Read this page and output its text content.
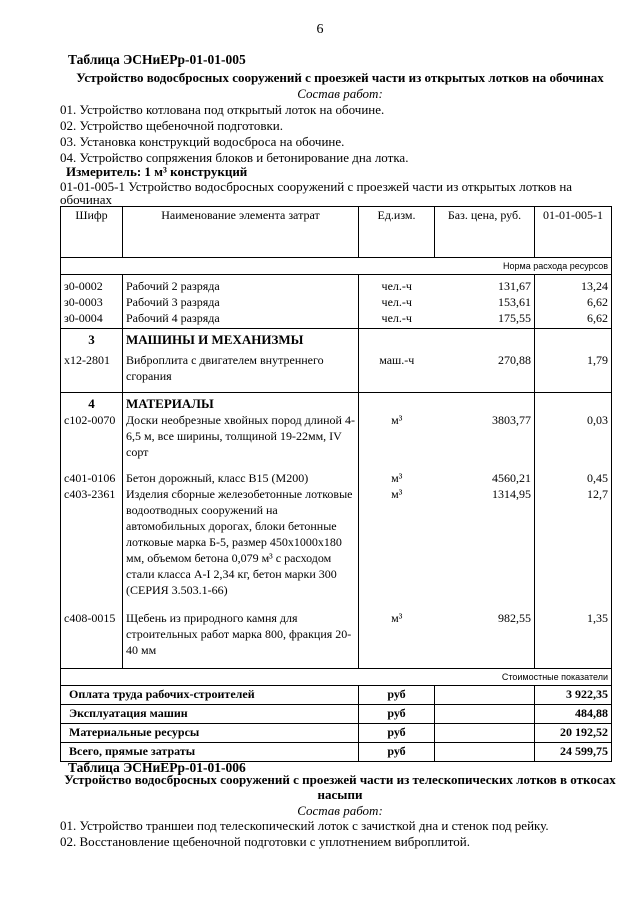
6
Таблица ЭСНиЕРр-01-01-005
Устройство водосбросных сооружений с проезжей части из открытых лотков на обочинах
Состав работ:
01. Устройство котлована под открытый лоток на обочине.
02. Устройство щебеночной подготовки.
03. Установка конструкций водосброса на обочине.
04. Устройство сопряжения блоков и бетонирование дна лотка.
Измеритель: 1 м³ конструкций
01-01-005-1 Устройство водосбросных сооружений с проезжей части из открытых лотков на
обочинах
Шифр	Наименование элемента затрат	Ед.изм.	Баз. цена, руб.	01-01-005-1
Норма расхода ресурсов				
з0-0002	Рабочий 2 разряда	чел.-ч	131,67	13,24
з0-0003	Рабочий 3 разряда	чел.-ч	153,61	6,62
з0-0004	Рабочий 4 разряда	чел.-ч	175,55	6,62
3	МАШИНЫ И МЕХАНИЗМЫ			
х12-2801	Виброплита с двигателем внутреннего сгорания	маш.-ч	270,88	1,79
4	МАТЕРИАЛЫ			
с102-0070	Доски необрезные хвойных пород длиной 4-6,5 м, все ширины, толщиной 19-22мм, IV сорт	м³	3803,77	0,03
с401-0106	Бетон дорожный, класс В15 (М200)	м³	4560,21	0,45
с403-2361	Изделия сборные железобетонные лотковые водоотводных сооружений на автомобильных дорогах, блоки бетонные лотковые марка Б-5, размер 450х1000х180 мм, объемом бетона 0,079 м³ с расходом стали класса А-I 2,34 кг, бетон марки 300 (СЕРИЯ 3.503.1-66)	м³	1314,95	12,7
с408-0015	Щебень из природного камня для строительных работ марка 800, фракция 20-40 мм	м³	982,55	1,35
Стоимостные показатели				
Оплата труда рабочих-строителей		руб		3 922,35
Эксплуатация машин		руб		484,88
Материальные ресурсы		руб		20 192,52
Всего, прямые затраты		руб		24 599,75
Таблица ЭСНиЕРр-01-01-006
Устройство водосбросных сооружений с проезжей части из телескопических лотков в откосах насыпи
Состав работ:
01. Устройство траншеи под телескопический лоток с зачисткой дна и стенок под рейку.
02. Восстановление щебеночной подготовки с уплотнением виброплитой.
